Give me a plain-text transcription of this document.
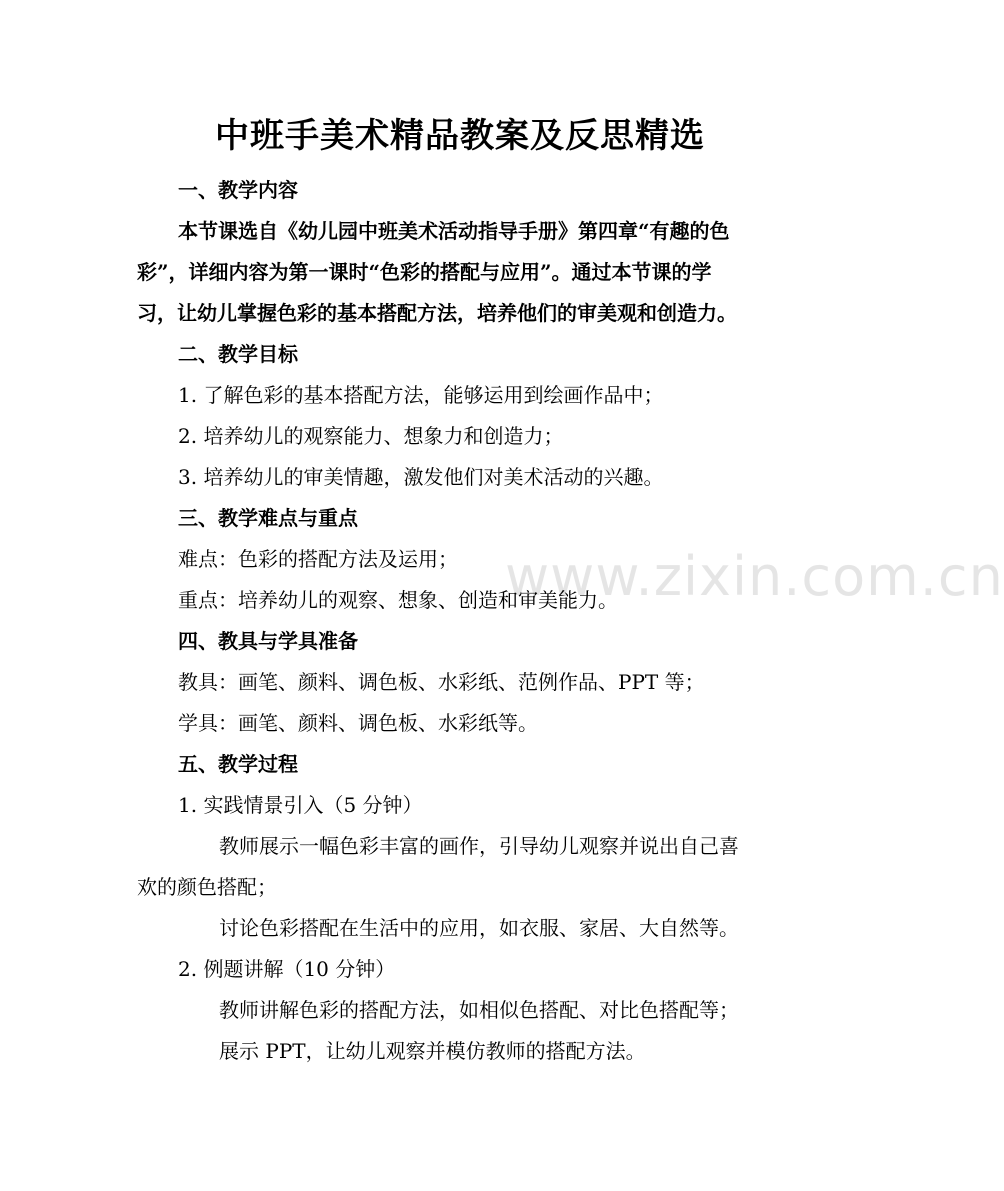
www.zixin.com.cn
中班手美术精品教案及反思精选
一、教学内容
本节课选自《幼儿园中班美术活动指导手册》第四章“有趣的色
彩”，详细内容为第一课时“色彩的搭配与应用”。通过本节课的学
习，让幼儿掌握色彩的基本搭配方法，培养他们的审美观和创造力。
二、教学目标
1. 了解色彩的基本搭配方法，能够运用到绘画作品中；
2. 培养幼儿的观察能力、想象力和创造力；
3. 培养幼儿的审美情趣，激发他们对美术活动的兴趣。
三、教学难点与重点
难点：色彩的搭配方法及运用；
重点：培养幼儿的观察、想象、创造和审美能力。
四、教具与学具准备
教具：画笔、颜料、调色板、水彩纸、范例作品、PPT 等；
学具：画笔、颜料、调色板、水彩纸等。
五、教学过程
1. 实践情景引入（5 分钟）
教师展示一幅色彩丰富的画作，引导幼儿观察并说出自己喜
欢的颜色搭配；
讨论色彩搭配在生活中的应用，如衣服、家居、大自然等。
2. 例题讲解（10 分钟）
教师讲解色彩的搭配方法，如相似色搭配、对比色搭配等；
展示 PPT，让幼儿观察并模仿教师的搭配方法。
